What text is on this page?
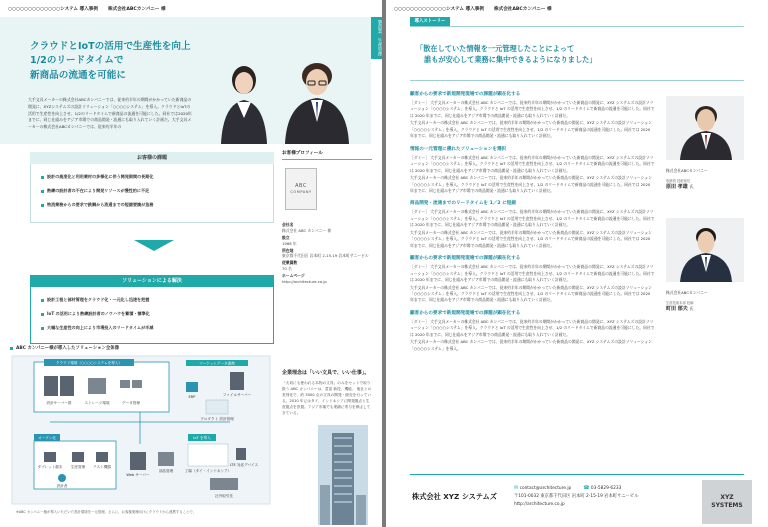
○○○○○○○○○○○○○システム 導入事例 株式会社ABCカンパニー 様
製造業　生産管理
クラウドとIoTの活用で生産性を向上
1/2のリードタイムで
新商品の流通を可能に
大手文具メーカーの株式会社ABCカンパニーでは、従来約半年の期間がかかっていた新商品の開発に、XYZシステムズの設計ソリューション「○○○○システム」を導入。クラウドとIoTの活用で生産性を向上させ、1/2のリードタイムで新商品の流通を可能にした。同社では2020年までに、同じ仕組みをアジア市場での商品開発・流通にも取り入れていく計画だ。大手文具メーカーの株式会社ABCカンパニーでは、従来約半年の
お客様プロフィール
ABC
COMPANY
会社名
株式会社 ABC カンパニー 様
設立
1968 年
所在地
東京都千代田区 岩本町 2-15-19 岩本町サニービル
従業員数
70 名
ホームページ
http://architecture.co.jp
企業理念は「いい文具で、いい仕事」。
「大切にも使われる本物の文具」のみをセットで取り扱う ABC カンパニーは、豊富 新技、機能、 他社との差別化で、約 3000 点の文具の開発・販売を行っている。2010 年にはタイ、インドネシアに開発拠点と生産拠点を設置。アジア市場でも業績に寄与を伸ばしてきている。
お客様の課題
設計の高度化と利用業材の多様化に伴う開発期間の長期化
熟練の設計者の不在により開発リソースが慢性的に不足
物流業務からの要求で鉄鋼から流通までの短縮要請が急務
ソリューションによる解決
設計工程と部材管理をクラウド化・一元化し迅速を把握
IoT の活用により熟練設計者のノウハウを蓄積・標準化
大幅な生産性の向上により市場投入のリードタイムが半減
ABC カンパニー様が導入したソリューション全体像
クラウド環境（○○○○システムを導入）
設計サーバー群	ストレージ環境	データ管理
マーケットデータ連携
ファイルサーバー
ERP
プロダクト 設計管理
オープン化
タブレット端末 生産管理 テスト機器
設計者
Web サーバー
部品管理
IoT を導入
工場（タイ・インドネシア）
LTE 対応デバイス
社外取引先
※ABC カンパニー様が導入いただいた設計環境を一元管理。さらに、お客様業務向けにクラウドから連携することで、
○○○○○○○○○○○○○システム 導入事例 株式会社ABCカンパニー 様
導入ストーリー
「散在していた情報を一元管理したことによって
誰もが安心して業務に集中できるようになりました」
顧客からの要求で新規開発現場での課題が顕在化する

［ダミー］ 大手文具メーカーの株式会社 ABC カンパニーでは、従来約半年の期間がかかっていた新商品の開発に、XYZ システムズの設計ソリューション「○○○○システム」を導入。クラウドと IoT の活用で生産性を向上させ、1/2 のリードタイムで新商品の流通を可能にした。同社では 2020 年までに、同じ仕組みをアジア市場での商品開発・流通にも取り入れていく計画だ。

大手文具メーカーの株式会社 ABC カンパニーでは、従来約半年の期間がかかっていた新商品の開発に、XYZ システムズの設計ソリューション「○○○○システム」を導入。クラウドと IoT の活用で生産性を向上させ、1/2 のリードタイムで新商品の流通を可能にした。同社では 2020 年までに、同じ仕組みをアジア市場での商品開発・流通にも取り入れていく計画だ。

情報の一元管理に優れたソリューションを選択

［ダミー］ 大手文具メーカーの株式会社 ABC カンパニーでは、従来約半年の期間がかかっていた新商品の開発に、XYZ システムズの設計ソリューション「○○○○システム」を導入。クラウドと IoT の活用で生産性を向上させ、1/2 のリードタイムで新商品の流通を可能にした。同社では 2020 年までに、同じ仕組みをアジア市場での商品開発・流通にも取り入れていく計画だ。

大手文具メーカーの株式会社 ABC カンパニーでは、従来約半年の期間がかかっていた新商品の開発に、XYZ システムズの設計ソリューション「○○○○システム」を導入。クラウドと IoT の活用で生産性を向上させ、1/2 のリードタイムで新商品の流通を可能にした。同社では 2020 年までに、同じ仕組みをアジア市場での商品開発・流通にも取り入れていく計画だ。

商品開発・流通までのリードタイムを 1／2 に短縮

［ダミー］ 大手文具メーカーの株式会社 ABC カンパニーでは、従来約半年の期間がかかっていた新商品の開発に、XYZ システムズの設計ソリューション「○○○○システム」を導入。クラウドと IoT の活用で生産性を向上させ、1/2 のリードタイムで新商品の流通を可能にした。同社では 2020 年までに、同じ仕組みをアジア市場での商品開発・流通にも取り入れていく計画だ。

大手文具メーカーの株式会社 ABC カンパニーでは、従来約半年の期間がかかっていた新商品の開発に、XYZ システムズの設計ソリューション「○○○○システム」を導入。クラウドと IoT の活用で生産性を向上させ、1/2 のリードタイムで新商品の流通を可能にした。同社では 2020 年までに、同じ仕組みをアジア市場での商品開発・流通にも取り入れていく計画だ。

顧客からの要求で新規開発現場での課題が顕在化する

［ダミー］ 大手文具メーカーの株式会社 ABC カンパニーでは、従来約半年の期間がかかっていた新商品の開発に、XYZ システムズの設計ソリューション「○○○○システム」を導入。クラウドと IoT の活用で生産性を向上させ、1/2 のリードタイムで新商品の流通を可能にした。同社では 2020 年までに、同じ仕組みをアジア市場での商品開発・流通にも取り入れていく計画だ。

大手文具メーカーの株式会社 ABC カンパニーでは、従来約半年の期間がかかっていた新商品の開発に、XYZ システムズの設計ソリューション「○○○○システム」を導入。クラウドと IoT の活用で生産性を向上させ、1/2 のリードタイムで新商品の流通を可能にした。同社では 2020 年までに、同じ仕組みをアジア市場での商品開発・流通にも取り入れていく計画だ。

顧客からの要求で新規開発現場での課題が顕在化する

［ダミー］ 大手文具メーカーの株式会社 ABC カンパニーでは、従来約半年の期間がかかっていた新商品の開発に、XYZ システムズの設計ソリューション「○○○○システム」を導入。クラウドと IoT の活用で生産性を向上させ、1/2 のリードタイムで新商品の流通を可能にした。同社では 2020 年までに、同じ仕組みをアジア市場での商品開発・流通にも取り入れていく計画だ。

大手文具メーカーの株式会社 ABC カンパニーでは、従来約半年の期間がかかっていた新商品の開発に、XYZ システムズの設計ソリューション「○○○○システム」を導入。

株式会社ABCカンパニー
取締役 技術部長
原田 孝雄 氏
株式会社ABCカンパニー
生産技術本部 技師
町田 郁夫 氏
株式会社 XYZ システムズ
✉ contact@architecture.jp ☎ 03-5829-6233
〒101-0032 東京都千代田区 岩本町 2-15-19 岩本町サニービル
http://architecture.co.jp
XYZ
SYSTEMS
